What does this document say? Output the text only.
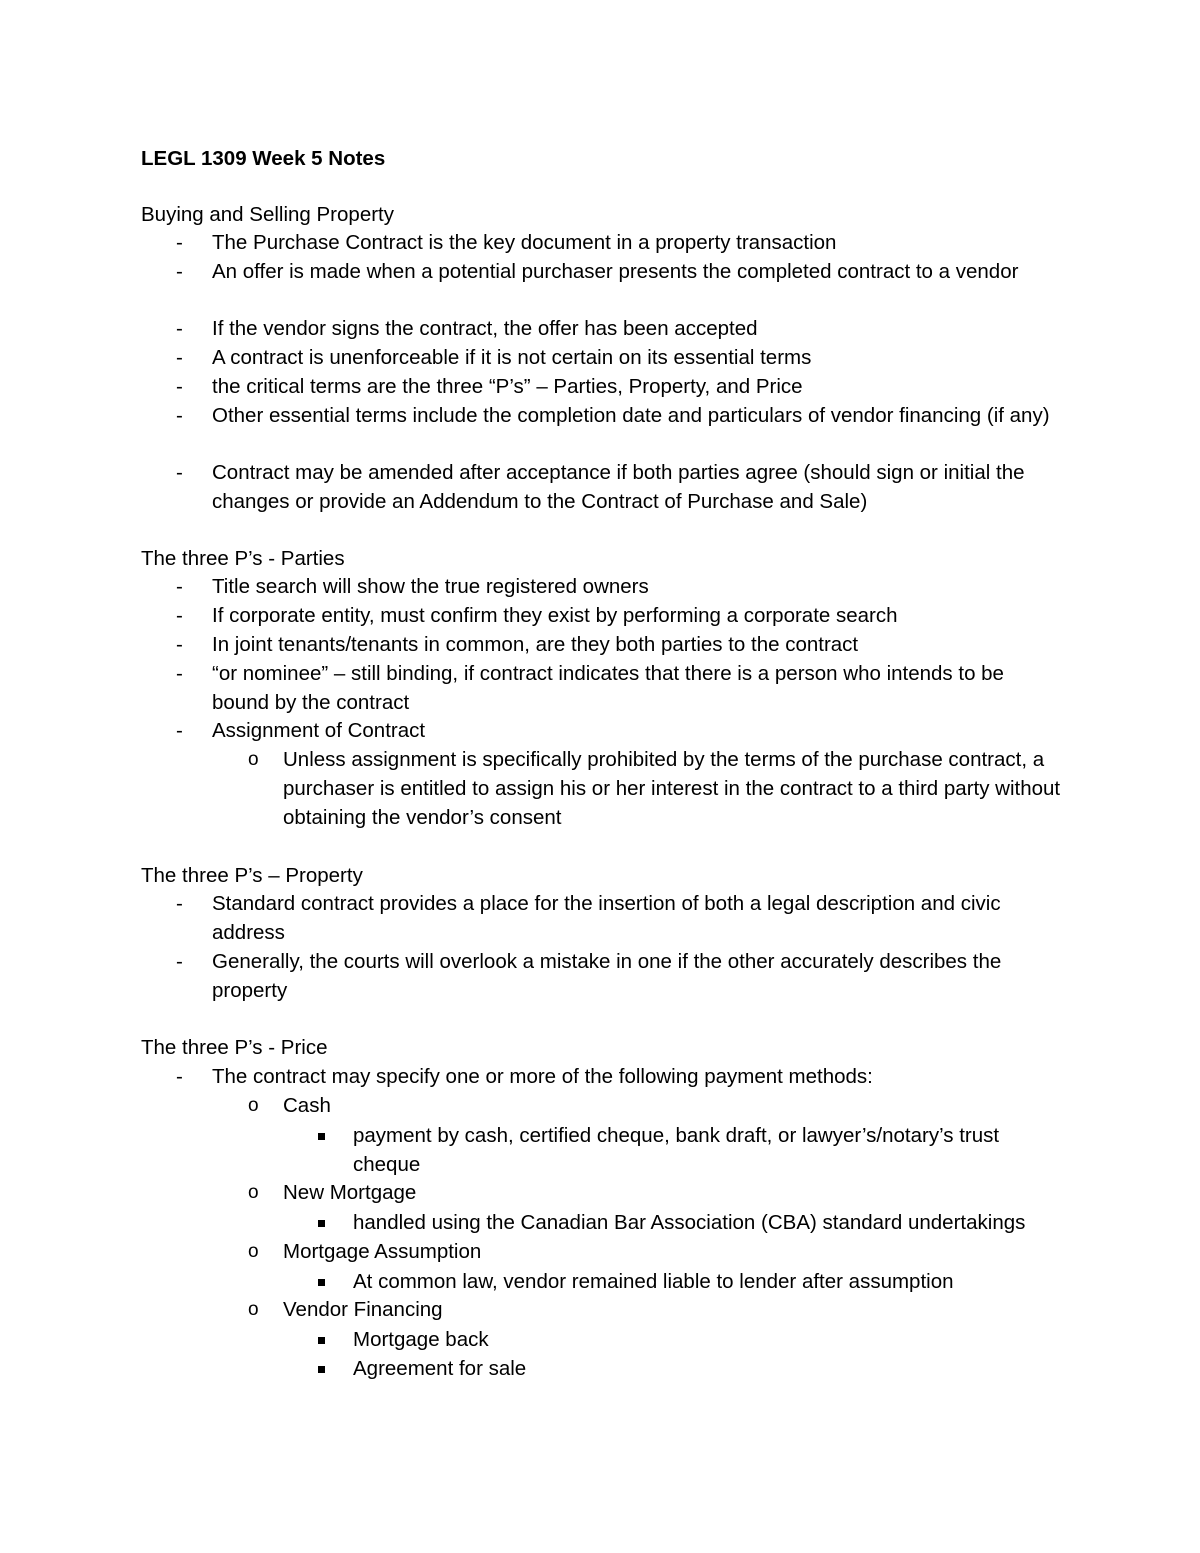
LEGL 1309 Week 5 Notes
Buying and Selling Property
- The Purchase Contract is the key document in a property transaction
- An offer is made when a potential purchaser presents the completed contract to a vendor
- If the vendor signs the contract, the offer has been accepted
- A contract is unenforceable if it is not certain on its essential terms
- the critical terms are the three “P’s” – Parties, Property, and Price
- Other essential terms include the completion date and particulars of vendor financing (if any)
- Contract may be amended after acceptance if both parties agree (should sign or initial the changes or provide an Addendum to the Contract of Purchase and Sale)
The three P’s - Parties
- Title search will show the true registered owners
- If corporate entity, must confirm they exist by performing a corporate search
- In joint tenants/tenants in common, are they both parties to the contract
- “or nominee” – still binding, if contract indicates that there is a person who intends to be bound by the contract
- Assignment of Contract
o Unless assignment is specifically prohibited by the terms of the purchase contract, a purchaser is entitled to assign his or her interest in the contract to a third party without obtaining the vendor’s consent
The three P’s – Property
- Standard contract provides a place for the insertion of both a legal description and civic address
- Generally, the courts will overlook a mistake in one if the other accurately describes the property
The three P’s - Price
- The contract may specify one or more of the following payment methods:
o Cash
payment by cash, certified cheque, bank draft, or lawyer’s/notary’s trust cheque
o New Mortgage
handled using the Canadian Bar Association (CBA) standard undertakings
o Mortgage Assumption
At common law, vendor remained liable to lender after assumption
o Vendor Financing
Mortgage back
Agreement for sale
